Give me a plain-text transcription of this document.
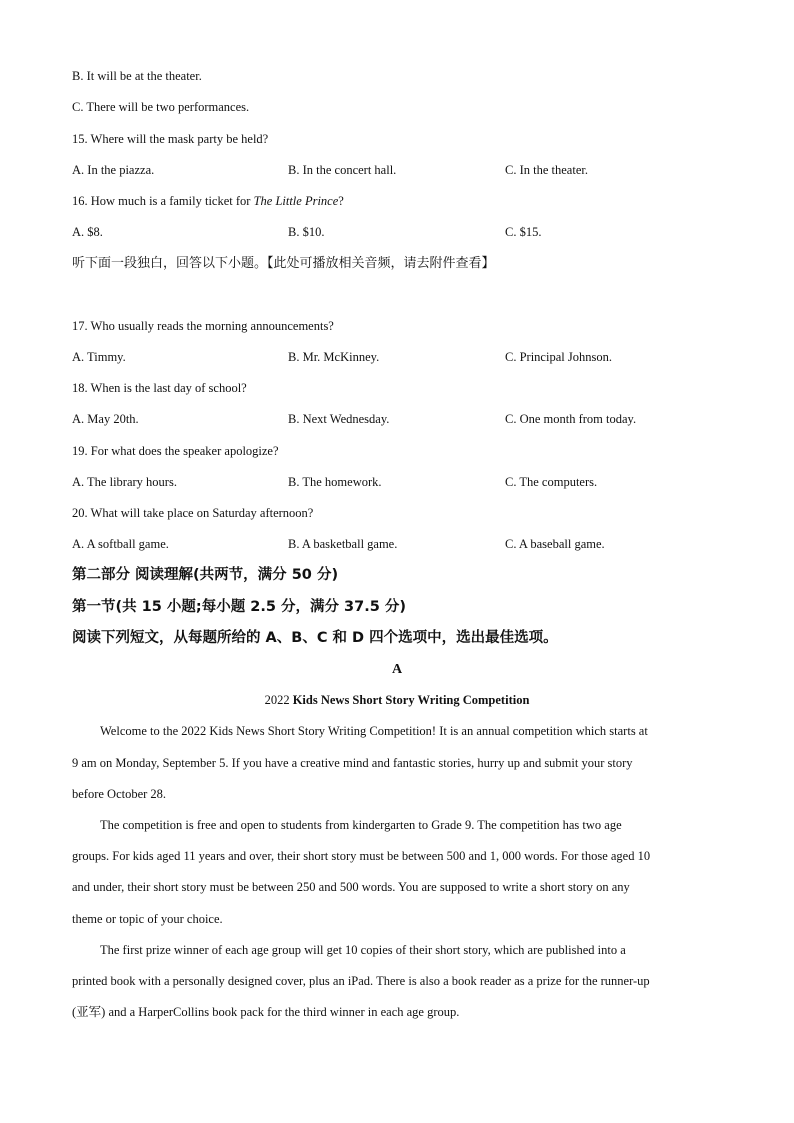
B. It will be at the theater.
C. There will be two performances.
15. Where will the mask party be held?
A. In the piazza.	B. In the concert hall.	C. In the theater.
16. How much is a family ticket for The Little Prince?
A. $8.	B. $10.	C. $15.
听下面一段独白，回答以下小题。【此处可播放相关音频，请去附件查看】
17. Who usually reads the morning announcements?
A. Timmy.	B. Mr. McKinney.	C. Principal Johnson.
18. When is the last day of school?
A. May 20th.	B. Next Wednesday.	C. One month from today.
19. For what does the speaker apologize?
A. The library hours.	B. The homework.	C. The computers.
20. What will take place on Saturday afternoon?
A. A softball game.	B. A basketball game.	C. A baseball game.
第二部分 阅读理解(共两节，满分 50 分)
第一节(共 15 小题;每小题 2.5 分，满分 37.5 分)
阅读下列短文，从每题所给的 A、B、C 和 D 四个选项中，选出最佳选项。
A
2022 Kids News Short Story Writing Competition
Welcome to the 2022 Kids News Short Story Writing Competition! It is an annual competition which starts at
9 am on Monday, September 5. If you have a creative mind and fantastic stories, hurry up and submit your story
before October 28.
The competition is free and open to students from kindergarten to Grade 9. The competition has two age
groups. For kids aged 11 years and over, their short story must be between 500 and 1, 000 words. For those aged 10
and under, their short story must be between 250 and 500 words. You are supposed to write a short story on any
theme or topic of your choice.
The first prize winner of each age group will get 10 copies of their short story, which are published into a
printed book with a personally designed cover, plus an iPad. There is also a book reader as a prize for the runner-up
(亚军) and a HarperCollins book pack for the third winner in each age group.
